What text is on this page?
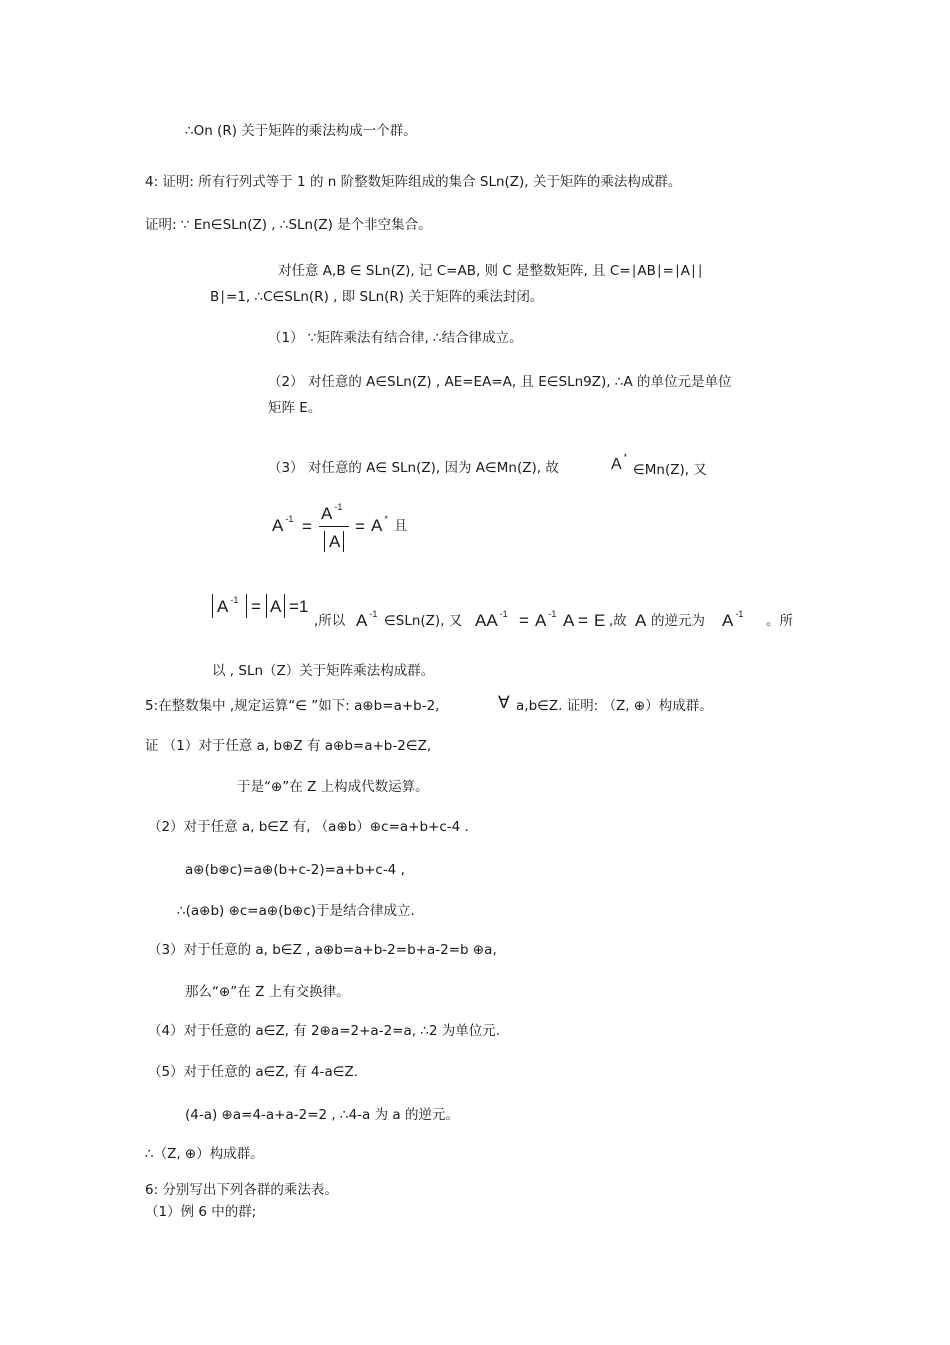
∴On (R) 关于矩阵的乘法构成一个群。
4: 证明: 所有行列式等于 1 的 n 阶整数矩阵组成的集合 SLn(Z), 关于矩阵的乘法构成群。
证明: ∵ En∈SLn(Z) , ∴SLn(Z) 是个非空集合。
对任意 A,B ∈ SLn(Z), 记 C=AB, 则 C 是整数矩阵, 且 C=∣AB∣=∣A∣∣
B∣=1, ∴C∈SLn(R) , 即 SLn(R) 关于矩阵的乘法封闭。
（1） ∵矩阵乘法有结合律, ∴结合律成立。
（2） 对任意的 A∈SLn(Z) , AE=EA=A, 且 E∈SLn9Z), ∴A 的单位元是单位
矩阵 E。
（3） 对任意的 A∈ SLn(Z), 因为 A∈Mn(Z), 故	A *
∈Mn(Z), 又
A $^{-1}$ =
A $^{-1}$
A
= A * 且
A $^{-1}$ = A =1
,所以 A $^{-1}$ ∈SLn(Z), 又 AA $^{-1}$ = A $^{-1}$ A = E ,故 A 的逆元为 A $^{-1}$ 。所
以 , SLn（Z）关于矩阵乘法构成群。
5:在整数集中 ,规定运算“∈ ”如下: a⊕b=a+b-2,	∀ a,b∈Z. 证明: （Z, ⊕）构成群。
证 （1）对于任意 a, b⊕Z 有 a⊕b=a+b-2∈Z,
于是“⊕”在 Z 上构成代数运算。
（2）对于任意 a, b∈Z 有, （a⊕b）⊕c=a+b+c-4 .
a⊕(b⊕c)=a⊕(b+c-2)=a+b+c-4 ,
∴(a⊕b) ⊕c=a⊕(b⊕c)于是结合律成立.
（3）对于任意的 a, b∈Z , a⊕b=a+b-2=b+a-2=b ⊕a,
那么“⊕”在 Z 上有交换律。
（4）对于任意的 a∈Z, 有 2⊕a=2+a-2=a, ∴2 为单位元.
（5）对于任意的 a∈Z, 有 4-a∈Z.
(4-a) ⊕a=4-a+a-2=2 , ∴4-a 为 a 的逆元。
∴（Z, ⊕）构成群。
6: 分别写出下列各群的乘法表。
（1）例 6 中的群;
